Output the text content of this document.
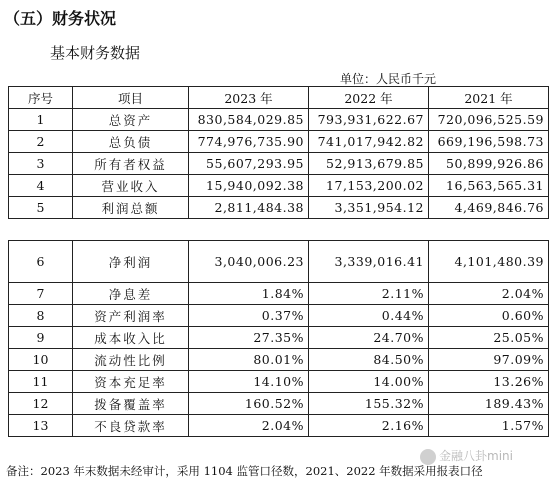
（五）财务状况
基本财务数据
单位：人民币千元
序号	项目	2023 年	2022 年	2021 年
1	总资产	830,584,029.85	793,931,622.67	720,096,525.59
2	总负债	774,976,735.90	741,017,942.82	669,196,598.73
3	所有者权益	55,607,293.95	52,913,679.85	50,899,926.86
4	营业收入	15,940,092.38	17,153,200.02	16,563,565.31
5	利润总额	2,811,484.38	3,351,954.12	4,469,846.76
6	净利润	3,040,006.23	3,339,016.41	4,101,480.39
7	净息差	1.84%	2.11%	2.04%
8	资产利润率	0.37%	0.44%	0.60%
9	成本收入比	27.35%	24.70%	25.05%
10	流动性比例	80.01%	84.50%	97.09%
11	资本充足率	14.10%	14.00%	13.26%
12	拨备覆盖率	160.52%	155.32%	189.43%
13	不良贷款率	2.04%	2.16%	1.57%
备注：2023 年末数据未经审计，采用 1104 监管口径数，2021、2022 年数据采用报表口径
金融八卦mini
